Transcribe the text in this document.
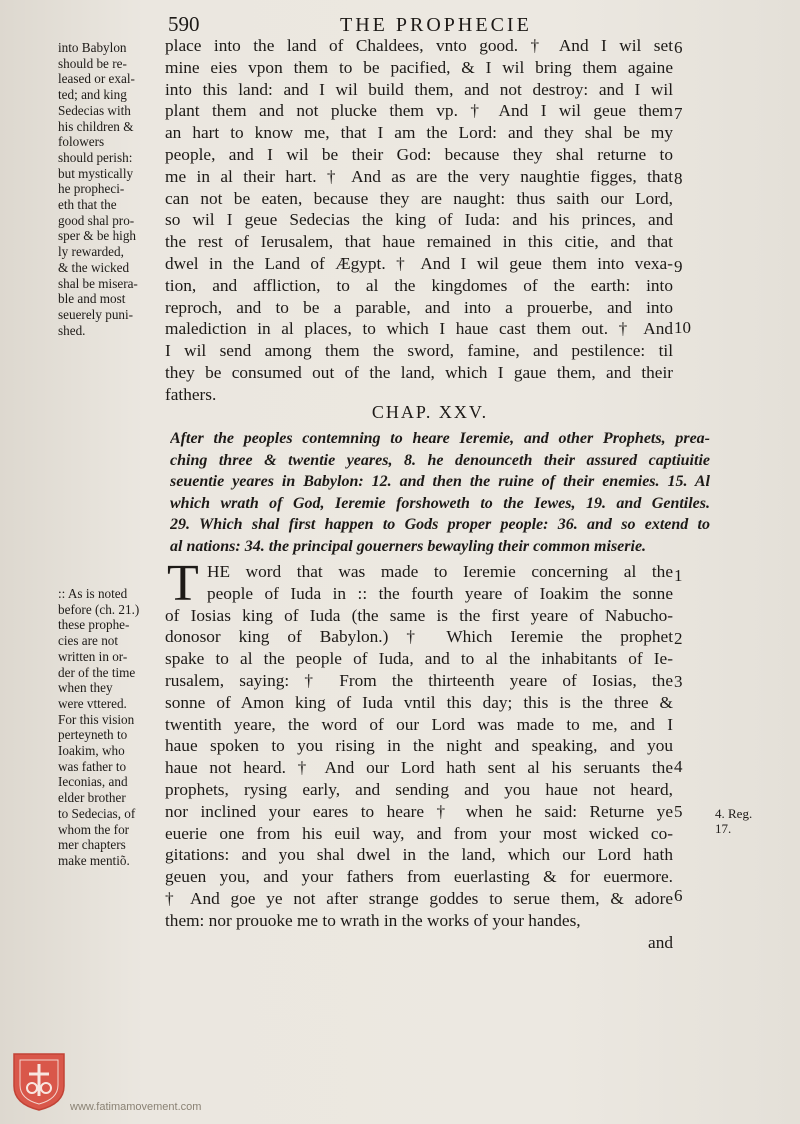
590	THE PROPHECIE
into Babylon
should be re-
leased or exal-
ted; and king
Sedecias with
his children &
folowers
should perish:
but mystically
he propheci-
eth that the
good shal pro-
sper & be high
ly rewarded,
& the wicked
shal be misera-
ble and most
seuerely puni-
shed.
place into the land of Chaldees, vnto good. † And I wil set
mine eies vpon them to be pacified, & I wil bring them againe
into this land: and I wil build them, and not destroy: and I wil
plant them and not plucke them vp. † And I wil geue them
an hart to know me, that I am the Lord: and they shal be my
people, and I wil be their God: because they shal returne to
me in al their hart. † And as are the very naughtie figges, that
can not be eaten, because they are naught: thus saith our Lord,
so wil I geue Sedecias the king of Iuda: and his princes, and
the rest of Ierusalem, that haue remained in this citie, and that
dwel in the Land of Ægypt. † And I wil geue them into vexa-
tion, and affliction, to al the kingdomes of the earth: into
reproch, and to be a parable, and into a prouerbe, and into
malediction in al places, to which I haue cast them out. † And
I wil send among them the sword, famine, and pestilence: til
they be consumed out of the land, which I gaue them, and their
fathers.
6
7
8
9
10
CHAP. XXV.
After the peoples contemning to heare Ieremie, and other Prophets, prea-
ching three & twentie yeares, 8. he denounceth their assured captiuitie
seuentie yeares in Babylon: 12. and then the ruine of their enemies. 15. Al
which wrath of God, Ieremie forshoweth to the Iewes, 19. and Gentiles.
29. Which shal first happen to Gods proper people: 36. and so extend to
al nations: 34. the principal gouerners bewayling their common miserie.
T HE word that was made to Ieremie concerning al the
people of Iuda in :: the fourth yeare of Ioakim the sonne
of Iosias king of Iuda (the same is the first yeare of Nabucho-
donosor king of Babylon.) † Which Ieremie the prophet
spake to al the people of Iuda, and to al the inhabitants of Ie-
rusalem, saying: † From the thirteenth yeare of Iosias, the
sonne of Amon king of Iuda vntil this day; this is the three &
twentith yeare, the word of our Lord was made to me, and I
haue spoken to you rising in the night and speaking, and you
haue not heard. † And our Lord hath sent al his seruants the
prophets, rysing early, and sending and you haue not heard,
nor inclined your eares to heare † when he said: Returne ye
euerie one from his euil way, and from your most wicked co-
gitations: and you shal dwel in the land, which our Lord hath
geuen you, and your fathers from euerlasting & for euermore.
† And goe ye not after strange goddes to serue them, & adore
them: nor prouoke me to wrath in the works of your handes,
and
1
2
3
4
5
6
:: As is noted
before (ch. 21.)
these prophe-
cies are not
written in or-
der of the time
when they
were vttered.
For this vision
perteyneth to
Ioakim, who
was father to
Ieconias, and
elder brother
to Sedecias, of
whom the for
mer chapters
make mentiõ.
4. Reg.
17.
www.fatimamovement.com
